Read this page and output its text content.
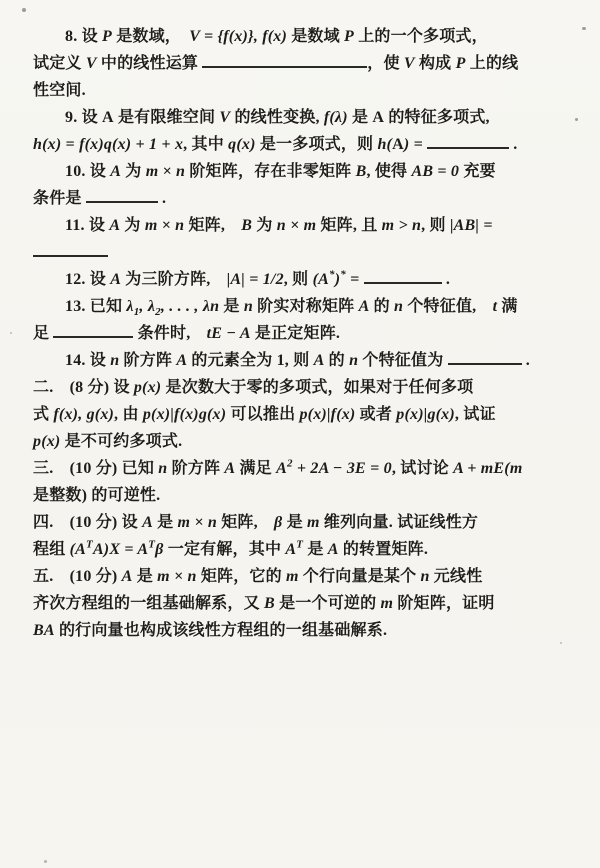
8. 设 P 是数域，　V = {f(x)}, f(x) 是数域 P 上的一个多项式，
试定义 V 中的线性运算	，使 V 构成 P 上的线
性空间.

9. 设 A 是有限维空间 V 的线性变换, f(λ) 是 A 的特征多项式,
h(x) = f(x)q(x) + 1 + x, 其中 q(x) 是一多项式，则 h(A) =	.

10. 设 A 为 m × n 阶矩阵，存在非零矩阵 B, 使得 AB = 0 充要
条件是	.

11. 设 A 为 m × n 矩阵,　B 为 n × m 矩阵, 且 m > n, 则 |AB| =

12. 设 A 为三阶方阵,　|A| = 1/2, 则 (A*)* =	.

13. 已知 $\lambda_1$, $\lambda_2$, . . . , λn 是 n 阶实对称矩阵 A 的 n 个特征值,　t 满
足	条件时,　tE − A 是正定矩阵.

14. 设 n 阶方阵 A 的元素全为 1, 则 A 的 n 个特征值为	.

二.　(8 分) 设 p(x) 是次数大于零的多项式，如果对于任何多项
式 f(x), g(x), 由 p(x)|f(x)g(x) 可以推出 p(x)|f(x) 或者 p(x)|g(x), 试证
p(x) 是不可约多项式.

三.　(10 分) 已知 n 阶方阵 A 满足 $A^2 + 2A - 3E = 0$, 试讨论 A + mE(m
是整数) 的可逆性.

四.　(10 分) 设 A 是 m × n 矩阵,　β 是 m 维列向量. 试证线性方
程组 $(A^TA)X = A^T\beta$ 一定有解，其中 $A^T$ 是 A 的转置矩阵.

五.　(10 分) A 是 m × n 矩阵，它的 m 个行向量是某个 n 元线性
齐次方程组的一组基础解系，又 B 是一个可逆的 m 阶矩阵，证明
BA 的行向量也构成该线性方程组的一组基础解系.
